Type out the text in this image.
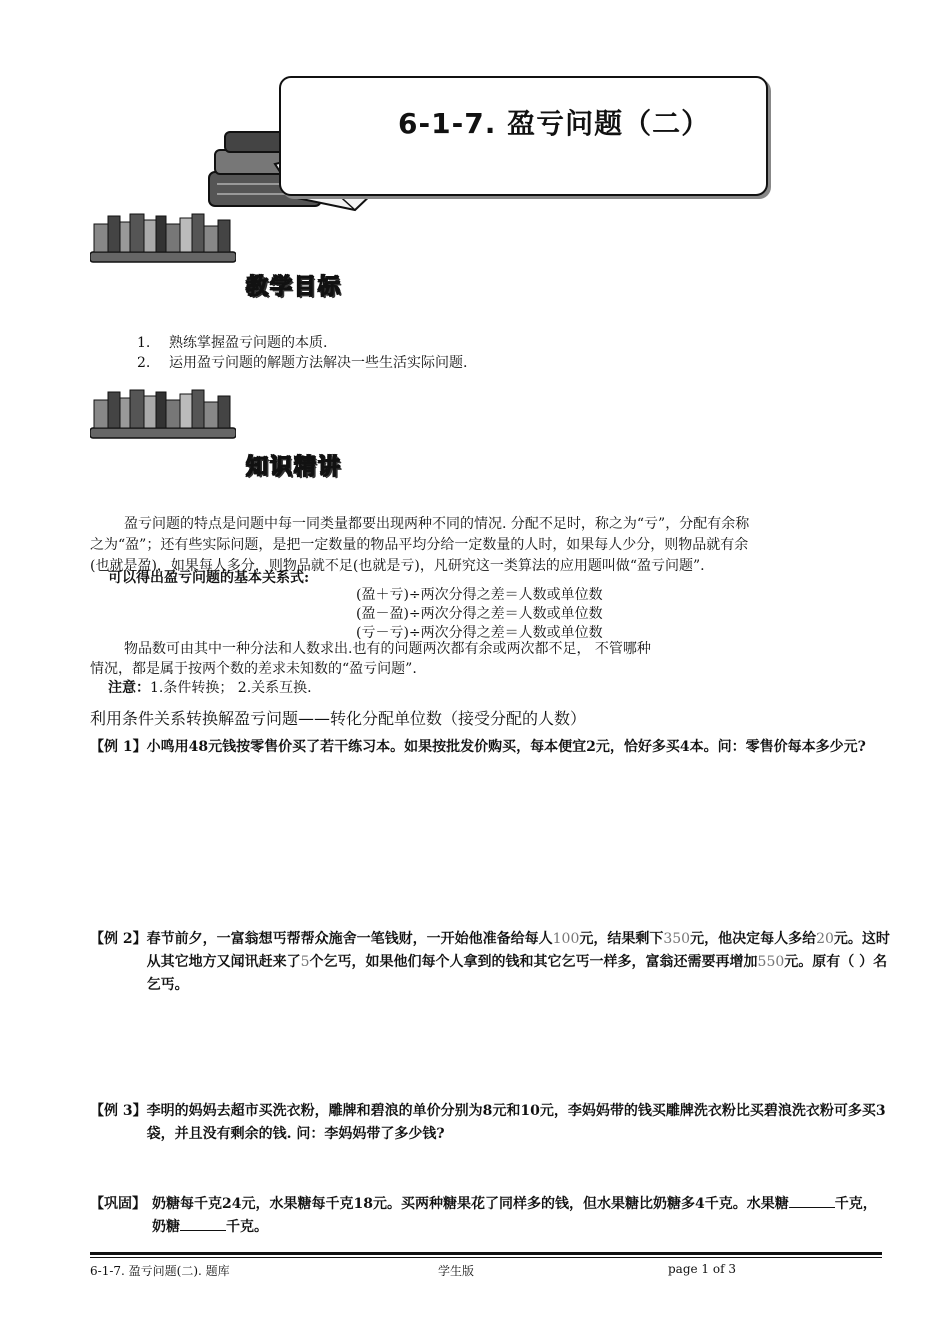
6-1-7. 盈亏问题（二）
教学目标
1. 熟练掌握盈亏问题的本质.
2. 运用盈亏问题的解题方法解决一些生活实际问题.
知识精讲
盈亏问题的特点是问题中每一同类量都要出现两种不同的情况. 分配不足时，称之为“亏”，分配有余称
之为“盈”；还有些实际问题，是把一定数量的物品平均分给一定数量的人时，如果每人少分，则物品就有余
(也就是盈)，如果每人多分，则物品就不足(也就是亏)，凡研究这一类算法的应用题叫做“盈亏问题”.
可以得出盈亏问题的基本关系式:
(盈＋亏)÷两次分得之差＝人数或单位数
(盈－盈)÷两次分得之差＝人数或单位数
(亏－亏)÷两次分得之差＝人数或单位数
物品数可由其中一种分法和人数求出.也有的问题两次都有余或两次都不足， 不管哪种
情况，都是属于按两个数的差求未知数的“盈亏问题”.
注意：1.条件转换； 2.关系互换.
利用条件关系转换解盈亏问题——转化分配单位数（接受分配的人数）
【例 1】 小鸣用48元钱按零售价买了若干练习本。如果按批发价购买，每本便宜2元，恰好多买4本。问：零售价每本多少元?
【例 2】 春节前夕，一富翁想丐帮帮众施舍一笔钱财，一开始他准备给每人100元，结果剩下350元，他决定每人多给20元。这时从其它地方又闻讯赶来了5个乞丐，如果他们每个人拿到的钱和其它乞丐一样多，富翁还需要再增加550元。原有（ ）名乞丐。
【例 3】 李明的妈妈去超市买洗衣粉，雕牌和碧浪的单价分别为8元和10元，李妈妈带的钱买雕牌洗衣粉比买碧浪洗衣粉可多买3袋，并且没有剩余的钱. 问：李妈妈带了多少钱?
【巩固】 奶糖每千克24元，水果糖每千克18元。买两种糖果花了同样多的钱，但水果糖比奶糖多4千克。水果糖	千克，奶糖	千克。
6-1-7. 盈亏问题(二). 题库	学生版	page 1 of 3
